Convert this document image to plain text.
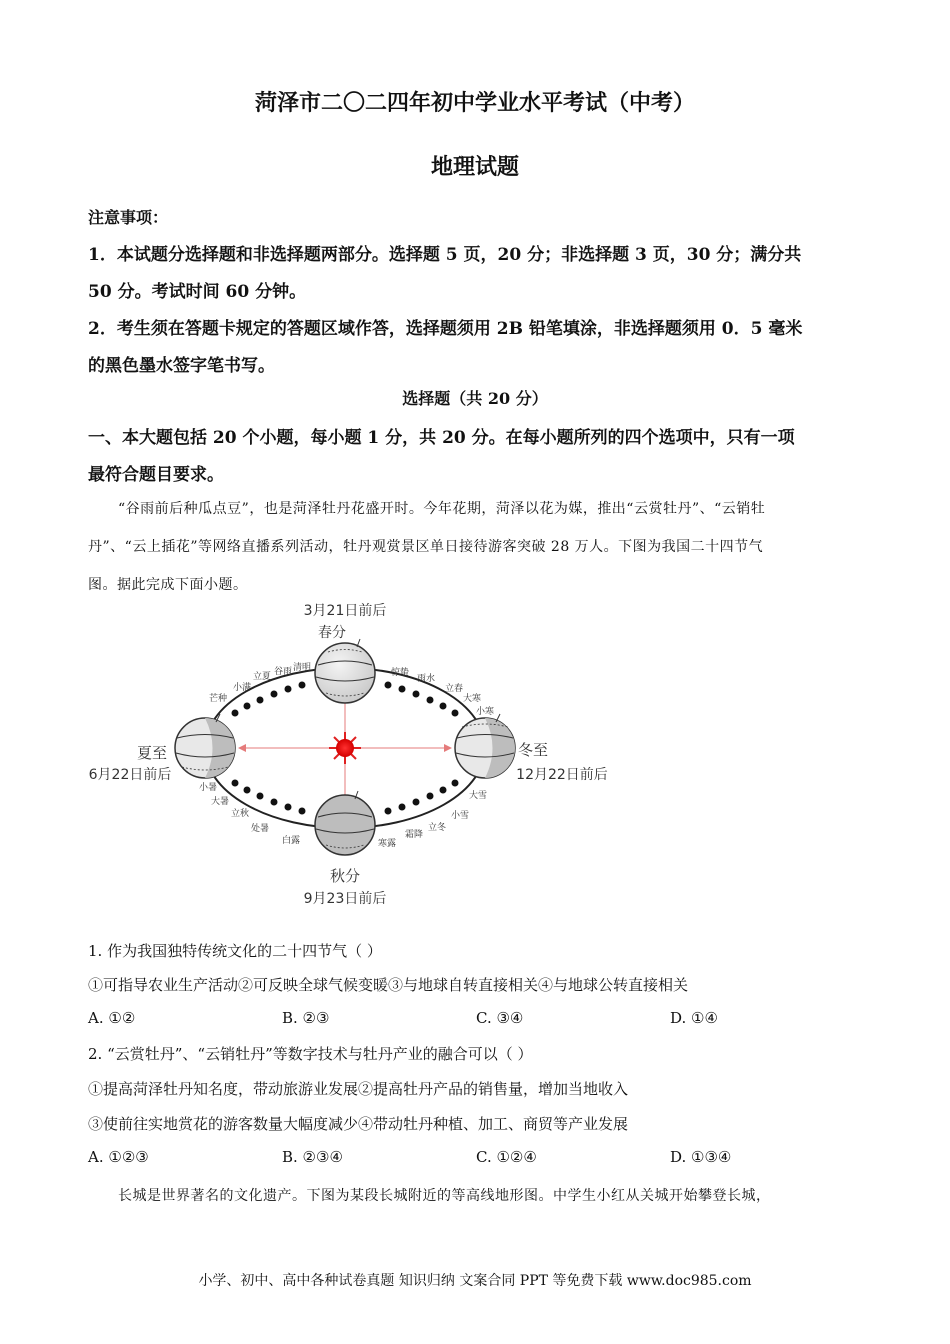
菏泽市二〇二四年初中学业水平考试（中考）
地理试题
注意事项：
1．本试题分选择题和非选择题两部分。选择题 5 页，20 分；非选择题 3 页，30 分；满分共
50 分。考试时间 60 分钟。
2．考生须在答题卡规定的答题区域作答，选择题须用 2B 铅笔填涂，非选择题须用 0．5 毫米
的黑色墨水签字笔书写。
选择题（共 20 分）
一、本大题包括 20 个小题，每小题 1 分，共 20 分。在每小题所列的四个选项中，只有一项
最符合题目要求。
“谷雨前后种瓜点豆”，也是菏泽牡丹花盛开时。今年花期，菏泽以花为媒，推出“云赏牡丹”、“云销牡
丹”、“云上插花”等网络直播系列活动，牡丹观赏景区单日接待游客突破 28 万人。下图为我国二十四节气
图。据此完成下面小题。
3月21日前后
春分
夏至
6月22日前后
冬至
12月22日前后
秋分
9月23日前后
清明
谷雨
立夏
小满
芒种
惊蛰
雨水
立春
大寒
小寒
小暑
大暑
立秋
处暑
白露
大雪
小雪
立冬
霜降
寒露
1. 作为我国独特传统文化的二十四节气（ ）
①可指导农业生产活动②可反映全球气候变暖③与地球自转直接相关④与地球公转直接相关
A. ①②	B. ②③	C. ③④	D. ①④
2. “云赏牡丹”、“云销牡丹”等数字技术与牡丹产业的融合可以（ ）
①提高菏泽牡丹知名度，带动旅游业发展②提高牡丹产品的销售量，增加当地收入
③使前往实地赏花的游客数量大幅度减少④带动牡丹种植、加工、商贸等产业发展
A. ①②③	B. ②③④	C. ①②④	D. ①③④
长城是世界著名的文化遗产。下图为某段长城附近的等高线地形图。中学生小红从关城开始攀登长城，
小学、初中、高中各种试卷真题 知识归纳 文案合同 PPT 等免费下载 www.doc985.com
